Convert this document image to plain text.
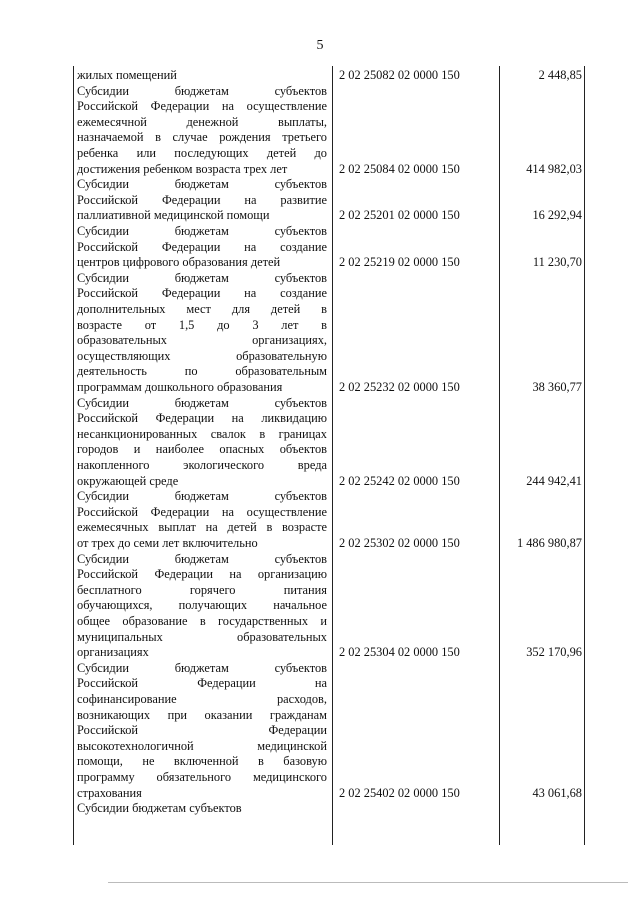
5
жилых помещений	2 02 25082 02 0000 150	2 448,85
Субсидии бюджетам субъектов
Российской Федерации на осуществление
ежемесячной денежной выплаты,
назначаемой в случае рождения третьего
ребенка или последующих детей до
достижения ребенком возраста трех лет	2 02 25084 02 0000 150	414 982,03
Субсидии бюджетам субъектов
Российской Федерации на развитие
паллиативной медицинской помощи	2 02 25201 02 0000 150	16 292,94
Субсидии бюджетам субъектов
Российской Федерации на создание
центров цифрового образования детей	2 02 25219 02 0000 150	11 230,70
Субсидии бюджетам субъектов
Российской Федерации на создание
дополнительных мест для детей в
возрасте от 1,5 до 3 лет в
образовательных организациях,
осуществляющих образовательную
деятельность по образовательным
программам дошкольного образования	2 02 25232 02 0000 150	38 360,77
Субсидии бюджетам субъектов
Российской Федерации на ликвидацию
несанкционированных свалок в границах
городов и наиболее опасных объектов
накопленного экологического вреда
окружающей среде	2 02 25242 02 0000 150	244 942,41
Субсидии бюджетам субъектов
Российской Федерации на осуществление
ежемесячных выплат на детей в возрасте
от трех до семи лет включительно	2 02 25302 02 0000 150	1 486 980,87
Субсидии бюджетам субъектов
Российской Федерации на организацию
бесплатного горячего питания
обучающихся, получающих начальное
общее образование в государственных и
муниципальных образовательных
организациях	2 02 25304 02 0000 150	352 170,96
Субсидии бюджетам субъектов
Российской Федерации на
софинансирование расходов,
возникающих при оказании гражданам
Российской Федерации
высокотехнологичной медицинской
помощи, не включенной в базовую
программу обязательного медицинского
страхования	2 02 25402 02 0000 150	43 061,68
Субсидии бюджетам субъектов
